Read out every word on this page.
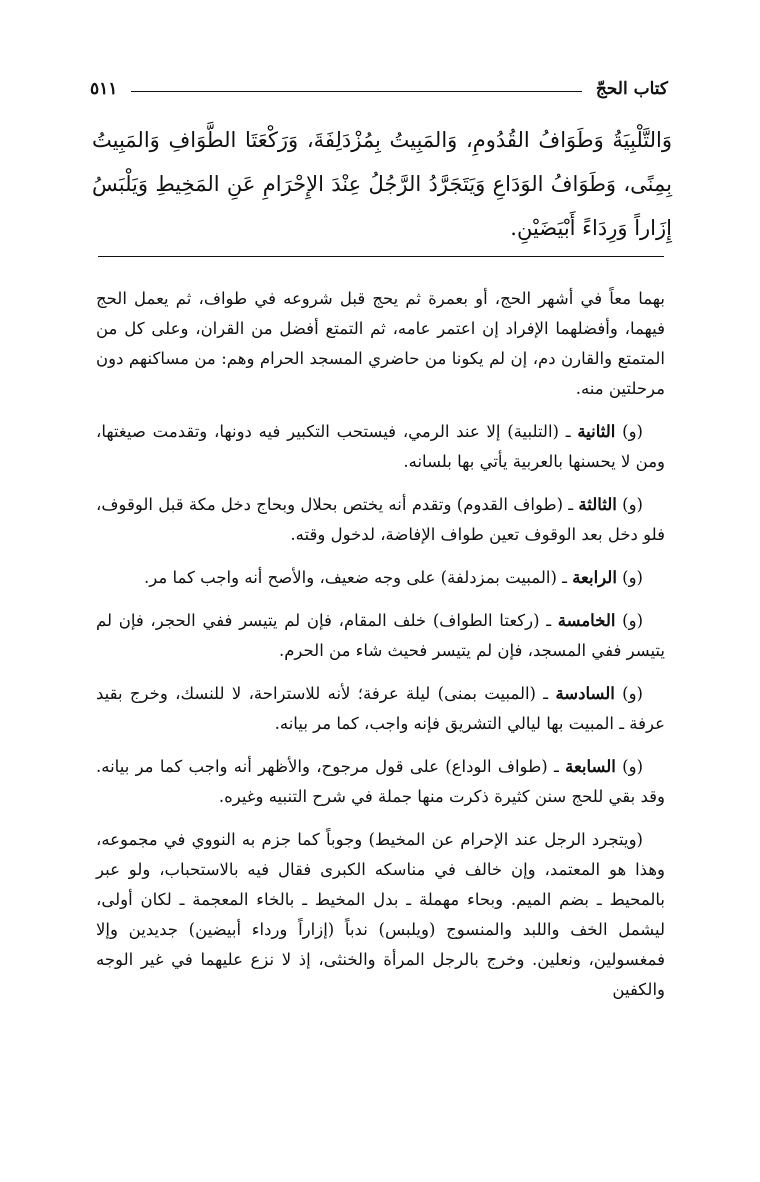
كتاب الحجّ
٥١١
وَالتَّلْبِيَةُ وَطَوَافُ القُدُومِ، وَالمَبِيتُ بِمُزْدَلِفَةَ، وَرَكْعَتَا الطَّوَافِ وَالمَبِيتُ بِمِنًى، وَطَوَافُ الوَدَاعِ وَيَتَجَرَّدُ الرَّجُلُ عِنْدَ الإِحْرَامِ عَنِ المَخِيطِ وَيَلْبَسُ إِزَاراً وَرِدَاءً أَبْيَضَيْنِ.

بهما معاً في أشهر الحج، أو بعمرة ثم يحج قبل شروعه في طواف، ثم يعمل الحج فيهما، وأفضلهما الإفراد إن اعتمر عامه، ثم التمتع أفضل من القران، وعلى كل من المتمتع والقارن دم، إن لم يكونا من حاضري المسجد الحرام وهم: من مساكنهم دون مرحلتين منه.

(و) الثانية ـ (التلبية) إلا عند الرمي، فيستحب التكبير فيه دونها، وتقدمت صيغتها، ومن لا يحسنها بالعربية يأتي بها بلسانه.

(و) الثالثة ـ (طواف القدوم) وتقدم أنه يختص بحلال وبحاج دخل مكة قبل الوقوف، فلو دخل بعد الوقوف تعين طواف الإفاضة، لدخول وقته.

(و) الرابعة ـ (المبيت بمزدلفة) على وجه ضعيف، والأصح أنه واجب كما مر.

(و) الخامسة ـ (ركعتا الطواف) خلف المقام، فإن لم يتيسر ففي الحجر، فإن لم يتيسر ففي المسجد، فإن لم يتيسر فحيث شاء من الحرم.

(و) السادسة ـ (المبيت بمنى) ليلة عرفة؛ لأنه للاستراحة، لا للنسك، وخرج بقيد عرفة ـ المبيت بها ليالي التشريق فإنه واجب، كما مر بيانه.

(و) السابعة ـ (طواف الوداع) على قول مرجوح، والأظهر أنه واجب كما مر بيانه. وقد بقي للحج سنن كثيرة ذكرت منها جملة في شرح التنبيه وغيره.

(ويتجرد الرجل عند الإحرام عن المخيط) وجوباً كما جزم به النووي في مجموعه، وهذا هو المعتمد، وإن خالف في مناسكه الكبرى فقال فيه بالاستحباب، ولو عبر بالمحيط ـ بضم الميم. وبحاء مهملة ـ بدل المخيط ـ بالخاء المعجمة ـ لكان أولى، ليشمل الخف واللبد والمنسوج (ويلبس) ندباً (إزاراً ورداء أبيضين) جديدين وإلا فمغسولين، ونعلين. وخرج بالرجل المرأة والخنثى، إذ لا نزع عليهما في غير الوجه والكفين
